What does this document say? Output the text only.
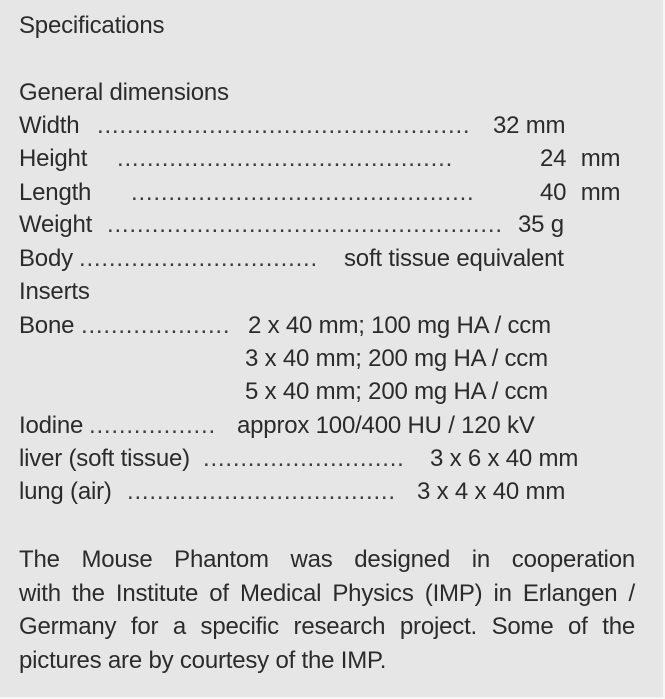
Specifications
General dimensions
Width .................................................. 32 mm
Height .............................................	24 mm
Length ..............................................	40 mm
Weight ..................................................... 35 g
Body ................................	soft tissue equivalent
Inserts
Bone .................... 2 x 40 mm; 100 mg HA / ccm
3 x 40 mm; 200 mg HA / ccm
5 x 40 mm; 200 mg HA / ccm
Iodine ................. approx 100/400 HU / 120 kV
liver (soft tissue) ...........................	3 x 6 x 40 mm
lung (air) .................................... 3 x 4 x 40 mm
The Mouse Phantom was designed in cooperation
with the Institute of Medical Physics (IMP) in Erlangen /
Germany for a specific research project. Some of the
pictures are by courtesy of the IMP.
